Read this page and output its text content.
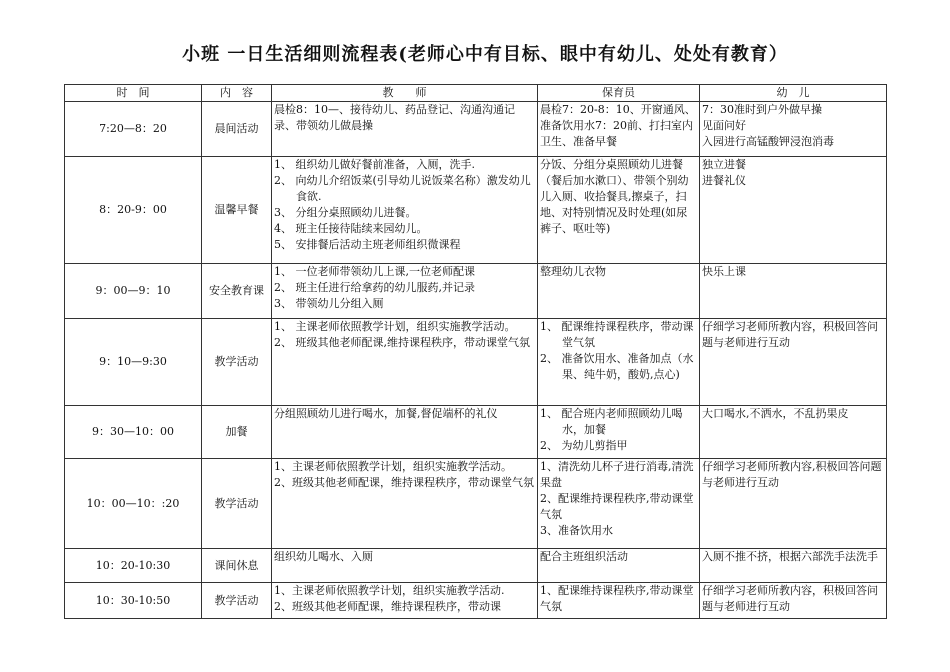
小班 一日生活细则流程表(老师心中有目标、眼中有幼儿、处处有教育）
时　间	内　容	教　　师	保育员	幼　儿
7:20—8：20	晨间活动	晨检8：10—、接待幼儿、药品登记、沟通沟通记录、带领幼儿做晨操	晨检7：20-8：10、开窗通风、准备饮用水7：20前、打扫室内卫生、准备早餐	7：30准时到户外做早操
见面问好
入园进行高锰酸钾浸泡消毒

8：20-9：00	温馨早餐	1、 组织幼儿做好餐前准备，入厕，洗手.
2、 向幼儿介绍饭菜(引导幼儿说饭菜名称）激发幼儿食欲.
3、 分组分桌照顾幼儿进餐。
4、 班主任接待陆续来园幼儿。
5、 安排餐后活动主班老师组织微课程	分饭、分组分桌照顾幼儿进餐（餐后加水漱口）、带领个别幼儿入厕、收拾餐具,擦桌子，扫地、对特别情况及时处理(如尿裤子、呕吐等)	独立进餐
进餐礼仪

9：00—9：10	安全教育课	1、 一位老师带领幼儿上课,一位老师配课
2、 班主任进行给拿药的幼儿服药,并记录
3、 带领幼儿分组入厕	整理幼儿衣物	快乐上课

9：10—9:30	教学活动	1、 主课老师依照教学计划，组织实施教学活动。
2、 班级其他老师配课,维持课程秩序，带动课堂气氛	1、 配课维持课程秩序，带动课堂气氛
2、 准备饮用水、准备加点（水果、纯牛奶，酸奶,点心)	仔细学习老师所教内容，积极回答问题与老师进行互动

9：30—10：00	加餐	分组照顾幼儿进行喝水，加餐,督促端杯的礼仪	1、 配合班内老师照顾幼儿喝水，加餐
2、 为幼儿剪指甲	大口喝水,不洒水，不乱扔果皮

10：00—10：:20	教学活动	1、主课老师依照教学计划，组织实施教学活动。
2、班级其他老师配课，维持课程秩序，带动课堂气氛	1、清洗幼儿杯子进行消毒,清洗果盘
2、配课维持课程秩序,带动课堂气氛
3、准备饮用水	仔细学习老师所教内容,积极回答问题与老师进行互动

10：20-10:30	课间休息	组织幼儿喝水、入厕	配合主班组织活动	入厕不推不挤，根据六部洗手法洗手

10：30-10:50	教学活动	1、主课老师依照教学计划，组织实施教学活动.
2、班级其他老师配课，维持课程秩序，带动课	1、配课维持课程秩序,带动课堂气氛	仔细学习老师所教内容，积极回答问题与老师进行互动
